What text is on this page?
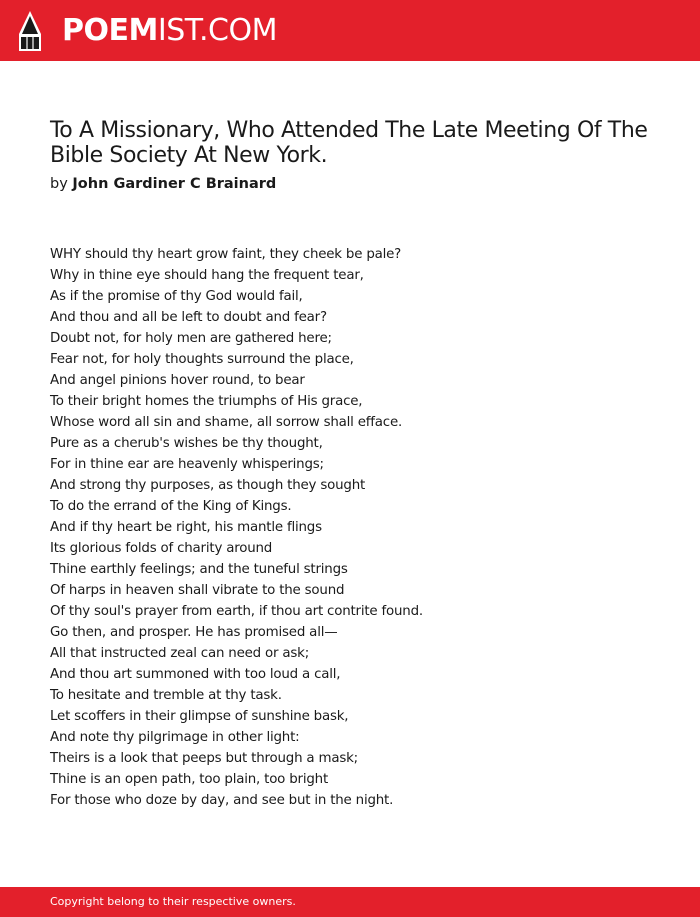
POEMIST.COM
To A Missionary, Who Attended The Late Meeting Of The Bible Society At New York.
by John Gardiner C Brainard
WHY should thy heart grow faint, they cheek be pale?
Why in thine eye should hang the frequent tear,
As if the promise of thy God would fail,
And thou and all be left to doubt and fear?
Doubt not, for holy men are gathered here;
Fear not, for holy thoughts surround the place,
And angel pinions hover round, to bear
To their bright homes the triumphs of His grace,
Whose word all sin and shame, all sorrow shall efface.
Pure as a cherub's wishes be thy thought,
For in thine ear are heavenly whisperings;
And strong thy purposes, as though they sought
To do the errand of the King of Kings.
And if thy heart be right, his mantle flings
Its glorious folds of charity around
Thine earthly feelings; and the tuneful strings
Of harps in heaven shall vibrate to the sound
Of thy soul's prayer from earth, if thou art contrite found.
Go then, and prosper. He has promised all—
All that instructed zeal can need or ask;
And thou art summoned with too loud a call,
To hesitate and tremble at thy task.
Let scoffers in their glimpse of sunshine bask,
And note thy pilgrimage in other light:
Theirs is a look that peeps but through a mask;
Thine is an open path, too plain, too bright
For those who doze by day, and see but in the night.
Copyright belong to their respective owners.
